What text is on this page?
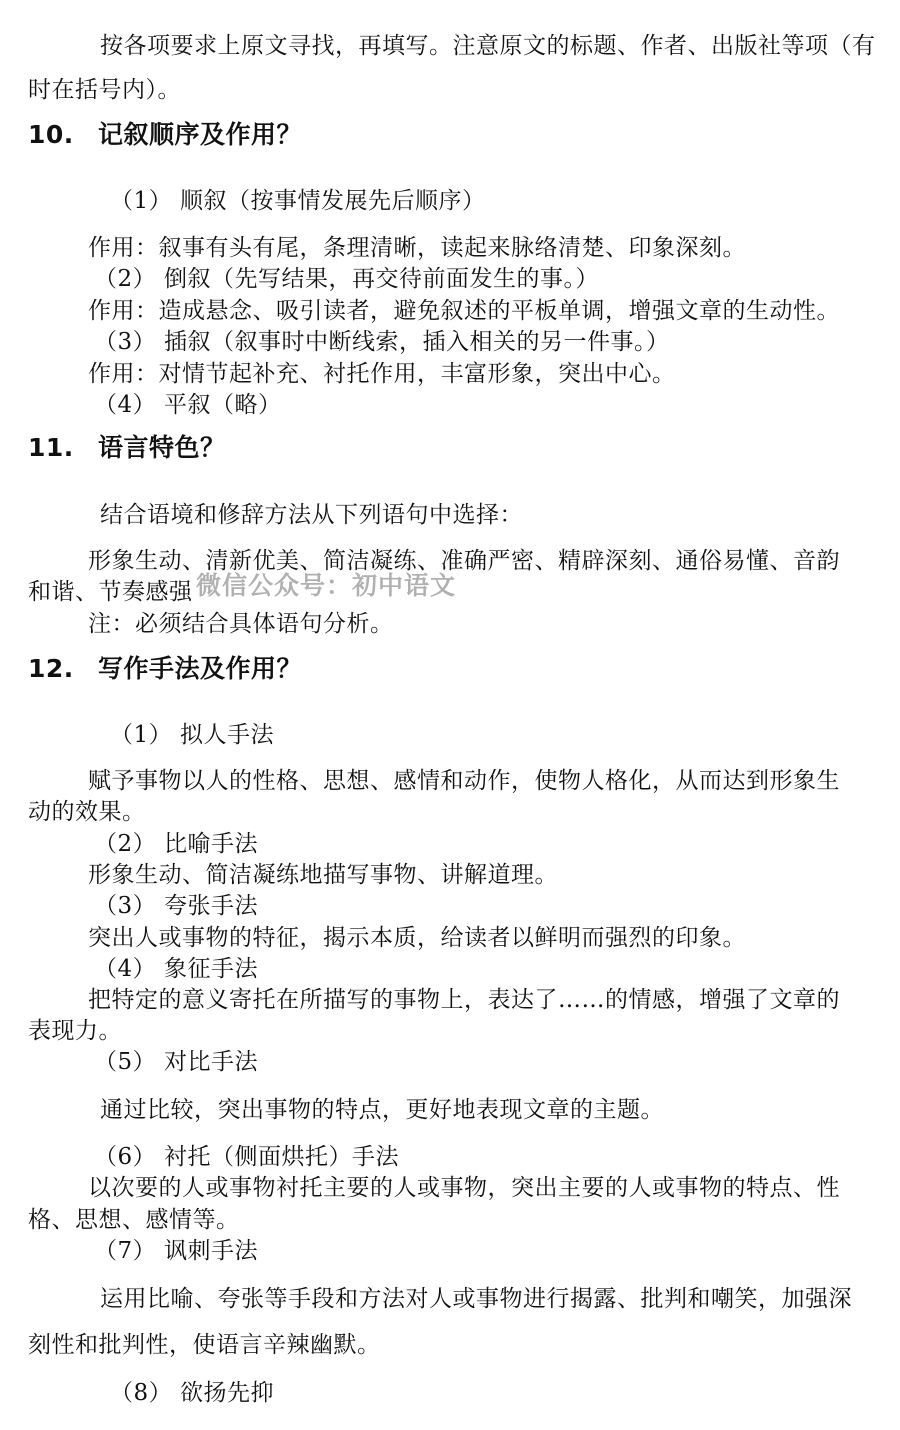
按各项要求上原文寻找，再填写。注意原文的标题、作者、出版社等项（有
时在括号内）。
10. 记叙顺序及作用？
（1） 顺叙（按事情发展先后顺序）
作用：叙事有头有尾，条理清晰，读起来脉络清楚、印象深刻。
（2） 倒叙（先写结果，再交待前面发生的事。）
作用：造成悬念、吸引读者，避免叙述的平板单调，增强文章的生动性。
（3） 插叙（叙事时中断线索，插入相关的另一件事。）
作用：对情节起补充、衬托作用，丰富形象，突出中心。
（4） 平叙（略）
11. 语言特色？
结合语境和修辞方法从下列语句中选择：
形象生动、清新优美、简洁凝练、准确严密、精辟深刻、通俗易懂、音韵
和谐、节奏感强
注：必须结合具体语句分析。
微信公众号：初中语文
12. 写作手法及作用？
（1） 拟人手法
赋予事物以人的性格、思想、感情和动作，使物人格化，从而达到形象生
动的效果。
（2） 比喻手法
形象生动、简洁凝练地描写事物、讲解道理。
（3） 夸张手法
突出人或事物的特征，揭示本质，给读者以鲜明而强烈的印象。
（4） 象征手法
把特定的意义寄托在所描写的事物上，表达了……的情感，增强了文章的
表现力。
（5） 对比手法
通过比较，突出事物的特点，更好地表现文章的主题。
（6） 衬托（侧面烘托）手法
以次要的人或事物衬托主要的人或事物，突出主要的人或事物的特点、性
格、思想、感情等。
（7） 讽刺手法
运用比喻、夸张等手段和方法对人或事物进行揭露、批判和嘲笑，加强深
刻性和批判性，使语言辛辣幽默。
（8） 欲扬先抑
